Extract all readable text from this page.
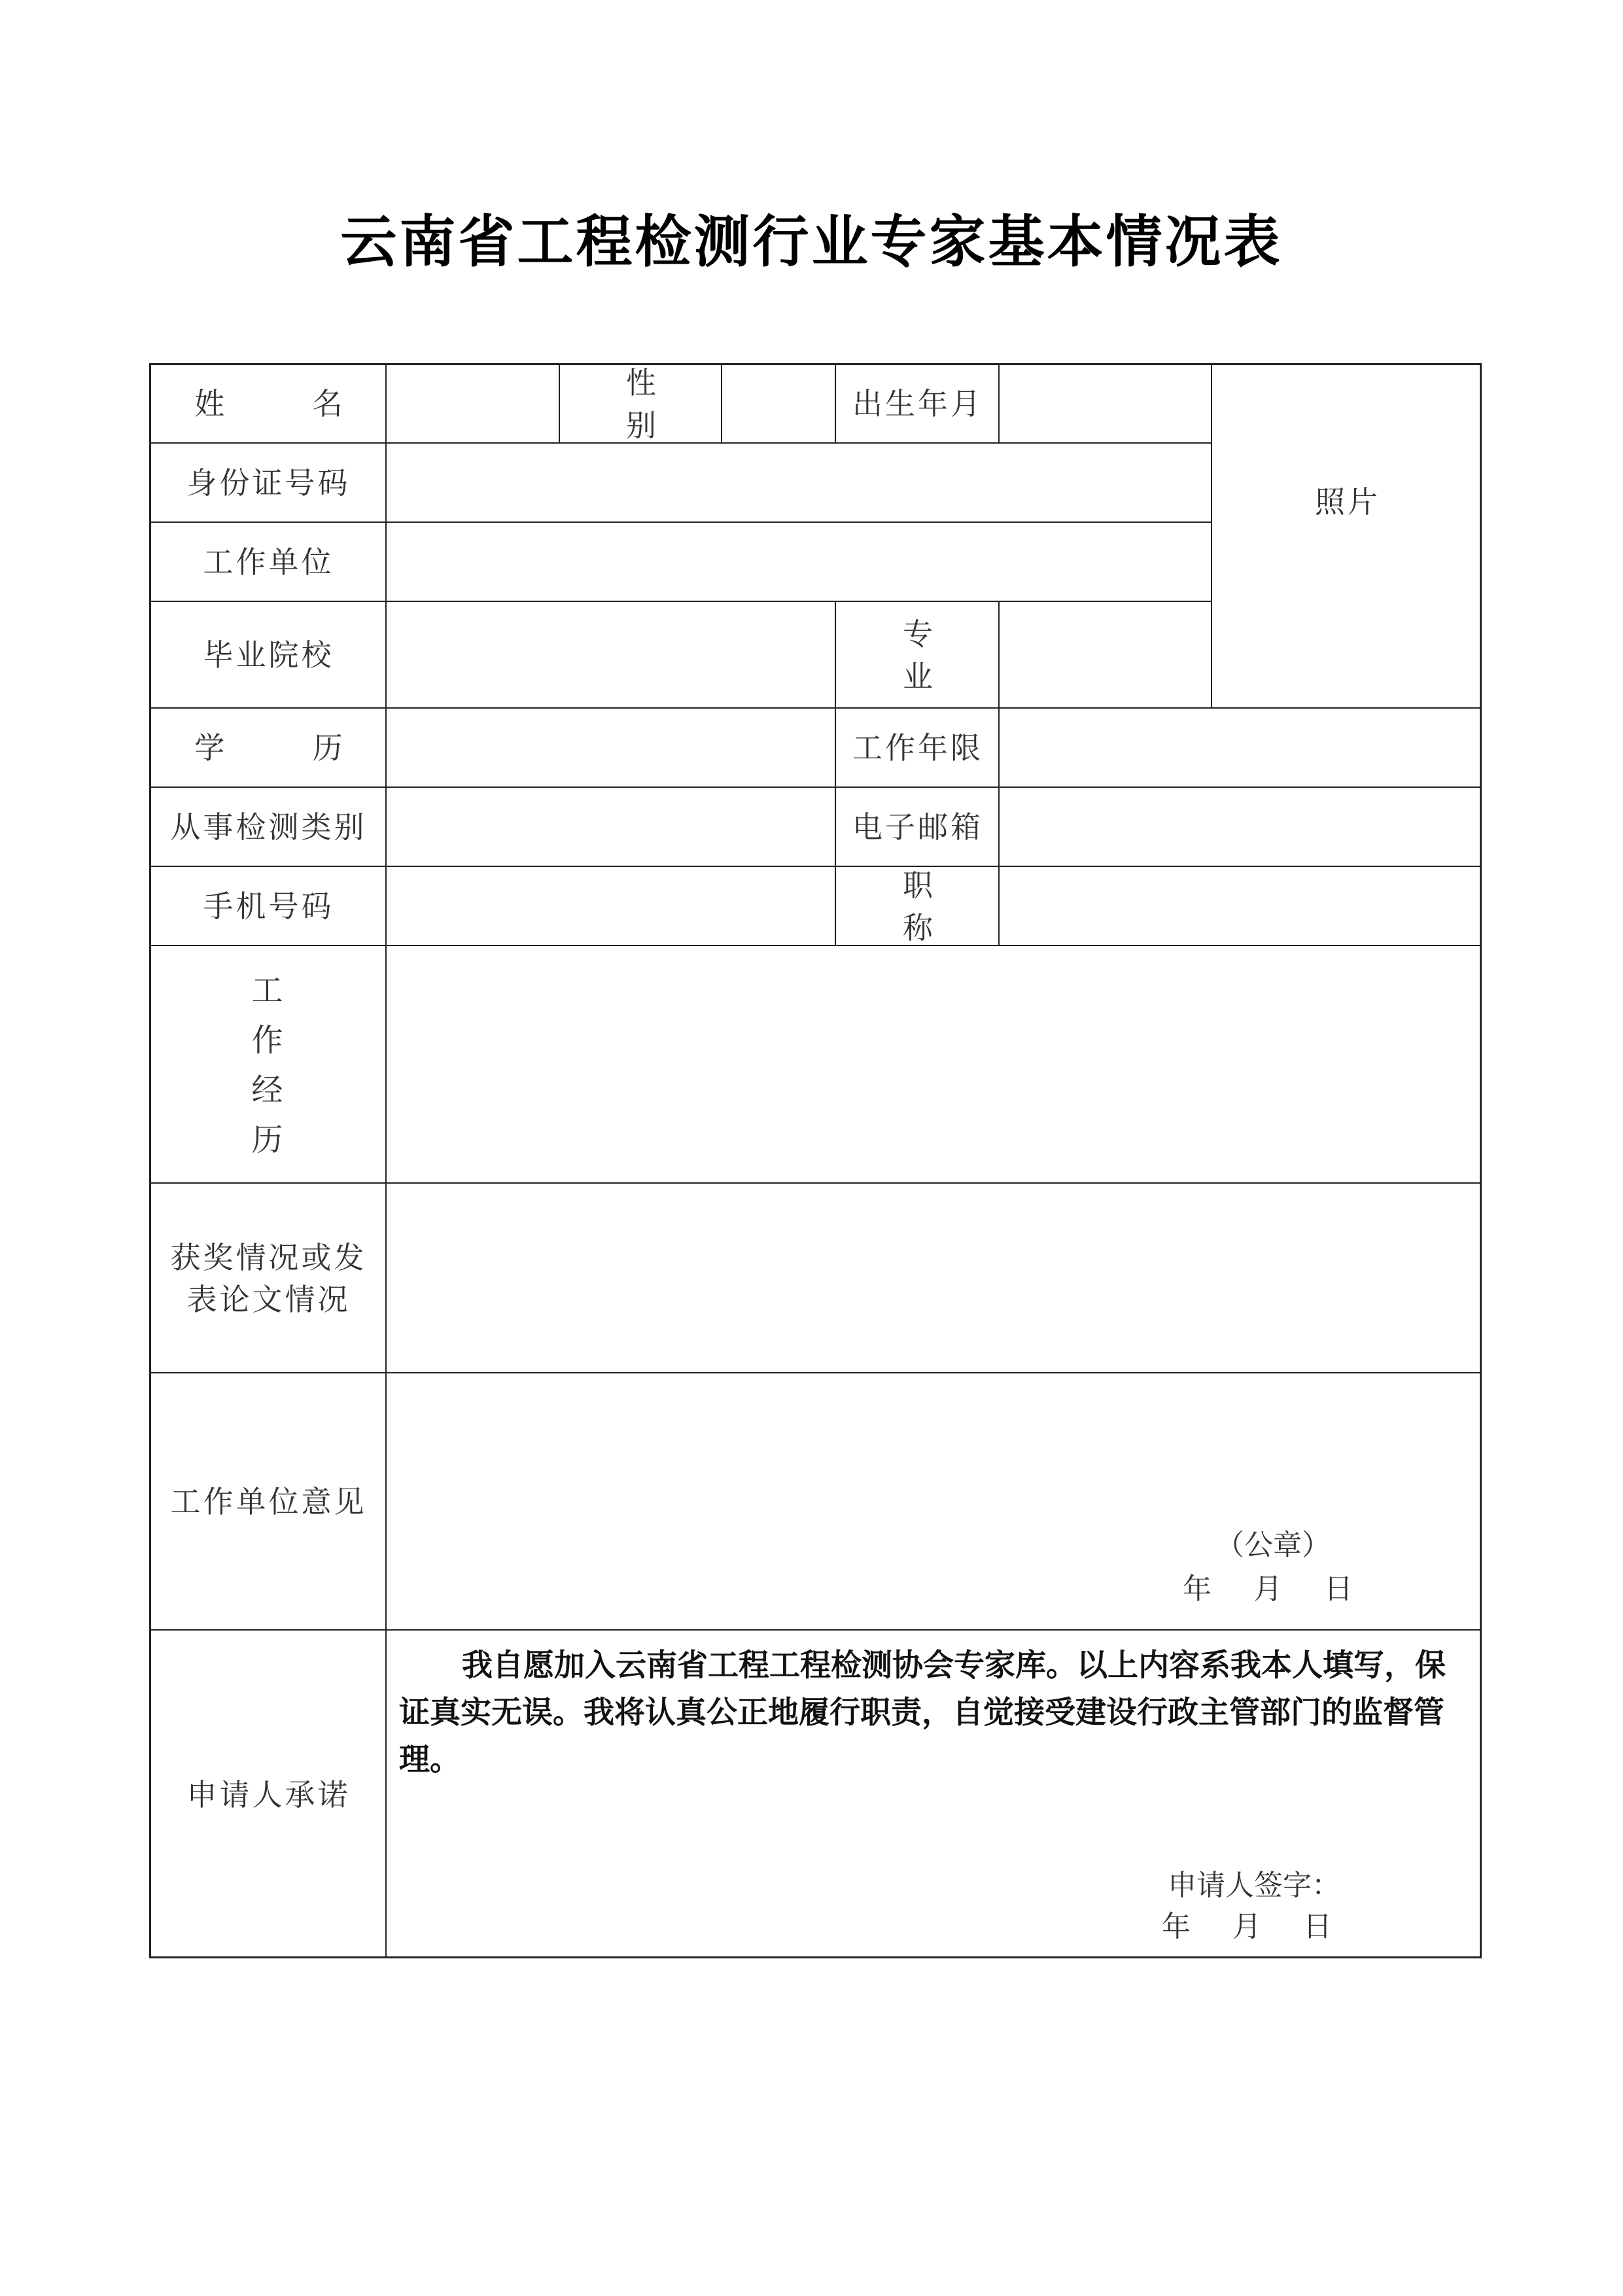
云南省工程检测行业专家基本情况表
姓 名
性 别
出生年月
照片
身份证号码
工作单位
毕业院校
专 业
学 历	工作年限
从事检测类别	电子邮箱
手机号码
职 称
工
作
经
历
获奖情况或发
表论文情况
工作单位意见
（公章）
年 月 日
申请人承诺
我自愿加入云南省工程工程检测协会专家库。以上内容系我本人填写，保证真实无误。我将认真公正地履行职责，自觉接受建设行政主管部门的监督管理。
申请人签字：
年 月 日
